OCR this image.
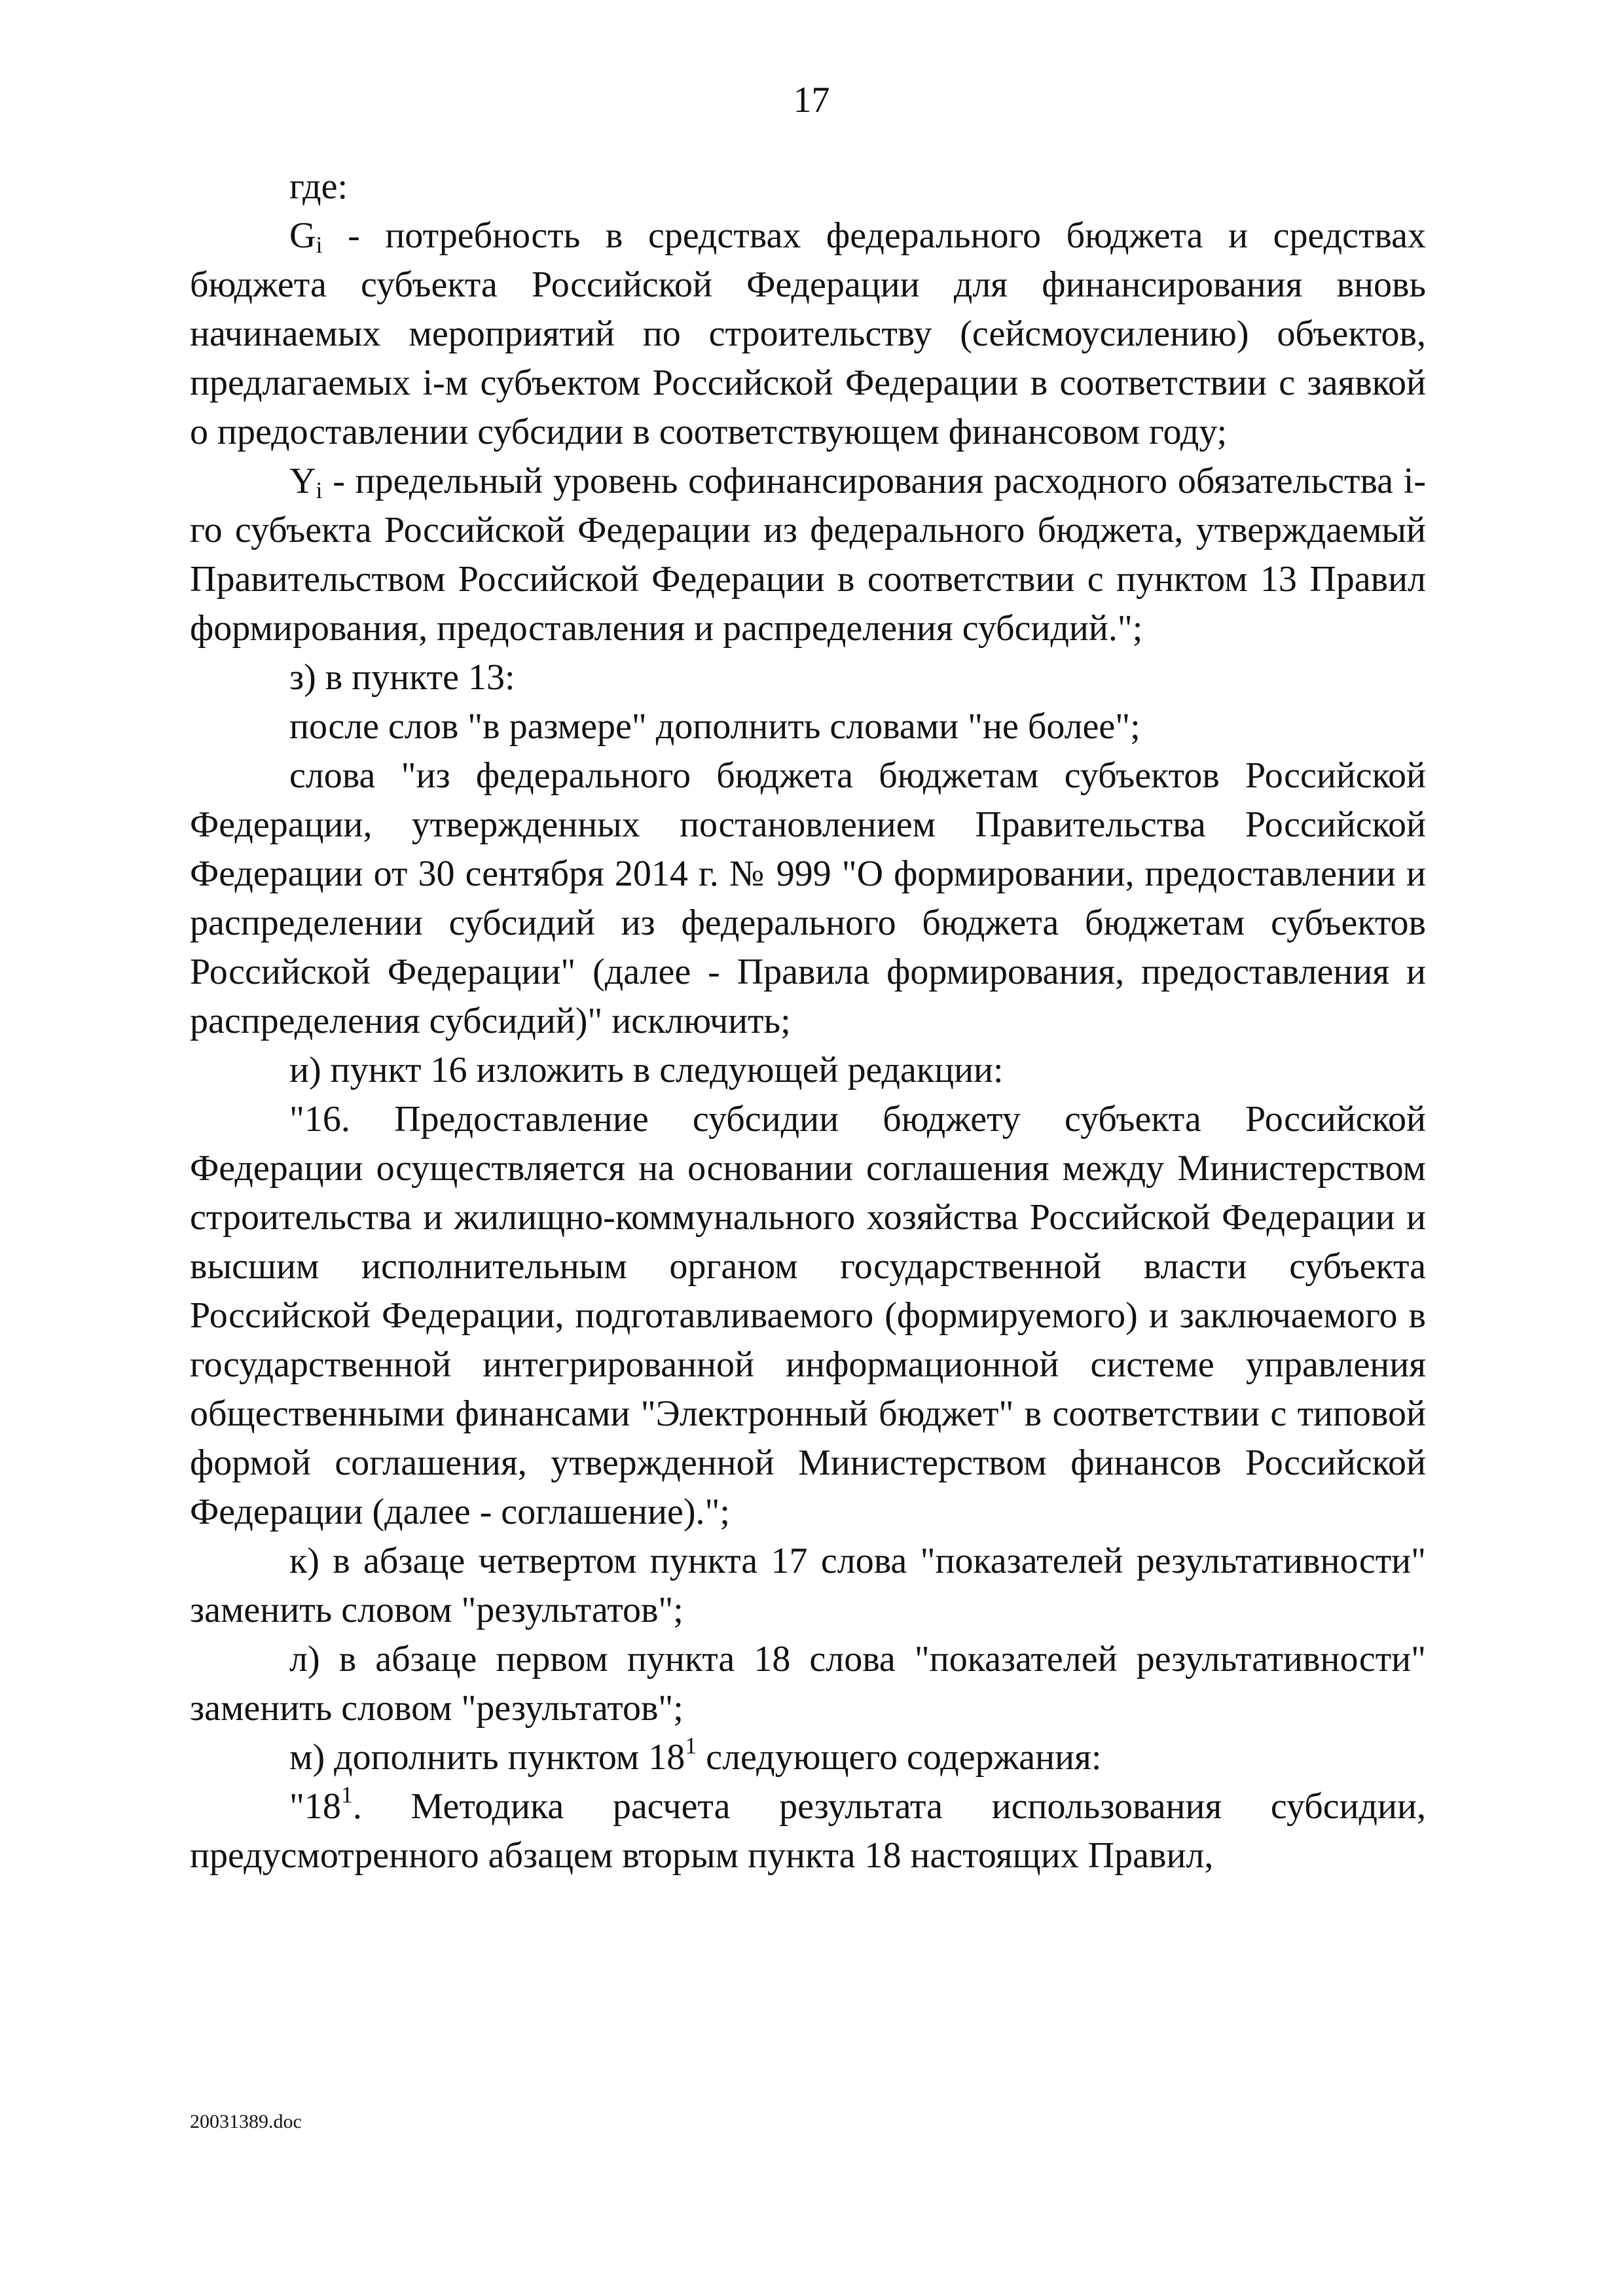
17

где:

$G_i$ - потребность в средствах федерального бюджета и средствах бюджета субъекта Российской Федерации для финансирования вновь начинаемых мероприятий по строительству (сейсмоусилению) объектов, предлагаемых i-м субъектом Российской Федерации в соответствии с заявкой о предоставлении субсидии в соответствующем финансовом году;

$Y_i$ - предельный уровень софинансирования расходного обязательства i-го субъекта Российской Федерации из федерального бюджета, утверждаемый Правительством Российской Федерации в соответствии с пунктом 13 Правил формирования, предоставления и распределения субсидий.";

з) в пункте 13:

после слов "в размере" дополнить словами "не более";

слова "из федерального бюджета бюджетам субъектов Российской Федерации, утвержденных постановлением Правительства Российской Федерации от 30 сентября 2014 г. № 999 "О формировании, предоставлении и распределении субсидий из федерального бюджета бюджетам субъектов Российской Федерации" (далее - Правила формирования, предоставления и распределения субсидий)" исключить;

и) пункт 16 изложить в следующей редакции:

"16. Предоставление субсидии бюджету субъекта Российской Федерации осуществляется на основании соглашения между Министерством строительства и жилищно-коммунального хозяйства Российской Федерации и высшим исполнительным органом государственной власти субъекта Российской Федерации, подготавливаемого (формируемого) и заключаемого в государственной интегрированной информационной системе управления общественными финансами "Электронный бюджет" в соответствии с типовой формой соглашения, утвержденной Министерством финансов Российской Федерации (далее - соглашение).";

к) в абзаце четвертом пункта 17 слова "показателей результативности" заменить словом "результатов";

л) в абзаце первом пункта 18 слова "показателей результативности" заменить словом "результатов";

м) дополнить пунктом $18^1$ следующего содержания:

"$18^1$. Методика расчета результата использования субсидии, предусмотренного абзацем вторым пункта 18 настоящих Правил,

20031389.doc
